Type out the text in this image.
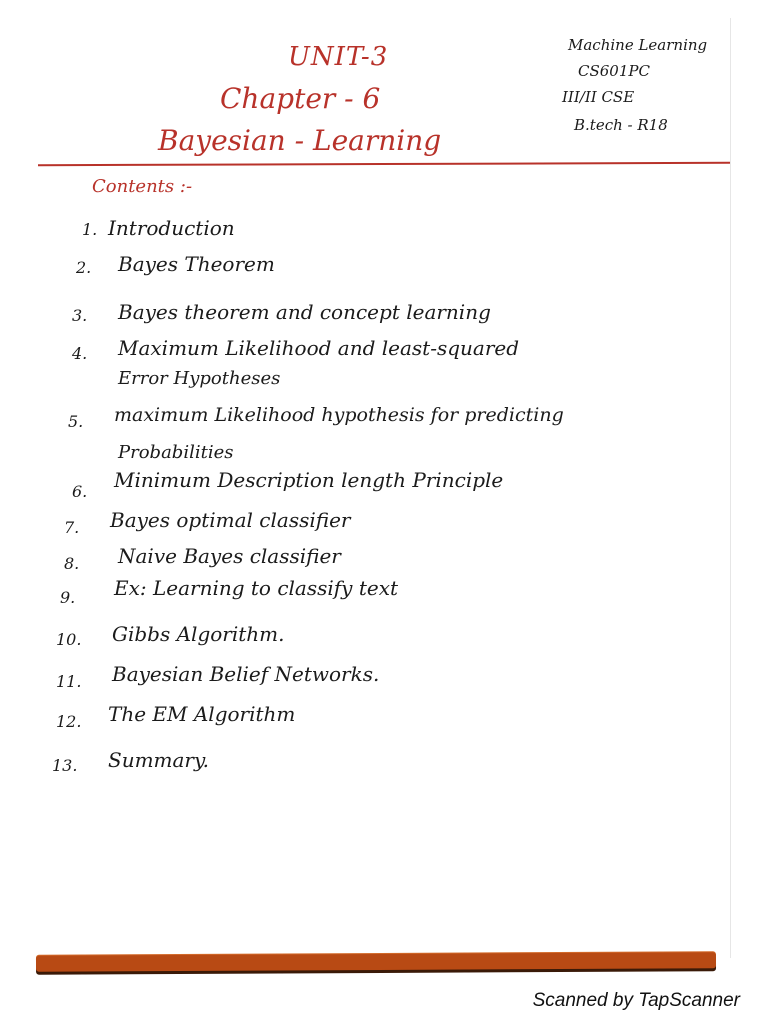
UNIT-3
Chapter - 6
Bayesian - Learning
Machine Learning
CS601PC
III/II CSE
B.tech - R18
Contents :-
1. Introduction
2. Bayes Theorem
3. Bayes theorem and concept learning
4. Maximum Likelihood and least-squared
Error Hypotheses
5. maximum Likelihood hypothesis for predicting
Probabilities
6. Minimum Description length Principle
7. Bayes optimal classifier
8. Naive Bayes classifier
9. Ex: Learning to classify text
10. Gibbs Algorithm.
11. Bayesian Belief Networks.
12. The EM Algorithm
13. Summary.
Scanned by TapScanner
